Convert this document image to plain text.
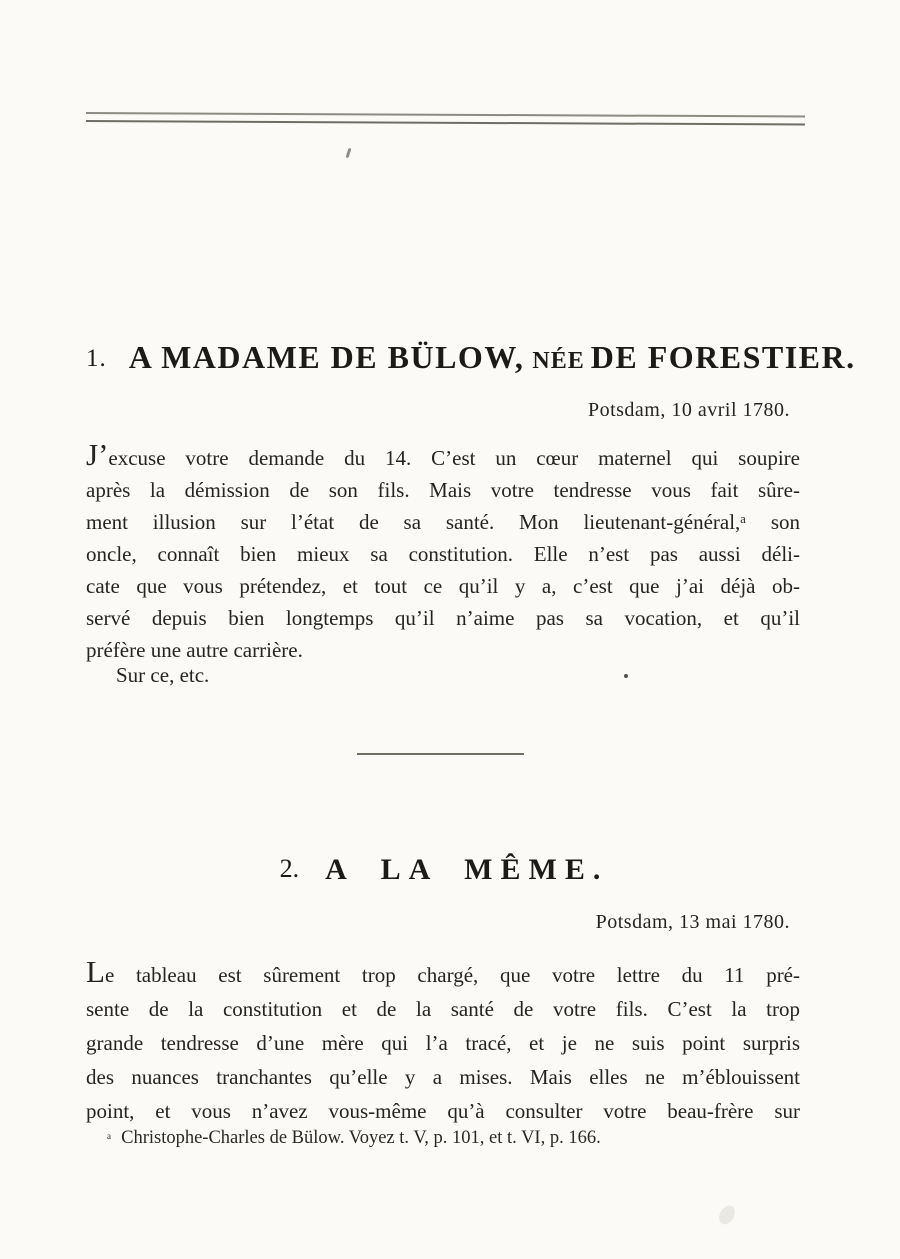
1. A MADAME DE BÜLOW, NÉE DE FORESTIER.
Potsdam, 10 avril 1780.
J’excuse votre demande du 14. C’est un cœur maternel qui soupire
après la démission de son fils. Mais votre tendresse vous fait sûre-
ment illusion sur l’état de sa santé. Mon lieutenant-général,ᵃ son
oncle, connaît bien mieux sa constitution. Elle n’est pas aussi déli-
cate que vous prétendez, et tout ce qu’il y a, c’est que j’ai déjà ob-
servé depuis bien longtemps qu’il n’aime pas sa vocation, et qu’il
préfère une autre carrière.
Sur ce, etc.
2. A LA MÊME.
Potsdam, 13 mai 1780.
Le tableau est sûrement trop chargé, que votre lettre du 11 pré-
sente de la constitution et de la santé de votre fils. C’est la trop
grande tendresse d’une mère qui l’a tracé, et je ne suis point surpris
des nuances tranchantes qu’elle y a mises. Mais elles ne m’éblouissent
point, et vous n’avez vous-même qu’à consulter votre beau-frère sur
ᵃ Christophe-Charles de Bülow. Voyez t. V, p. 101, et t. VI, p. 166.
